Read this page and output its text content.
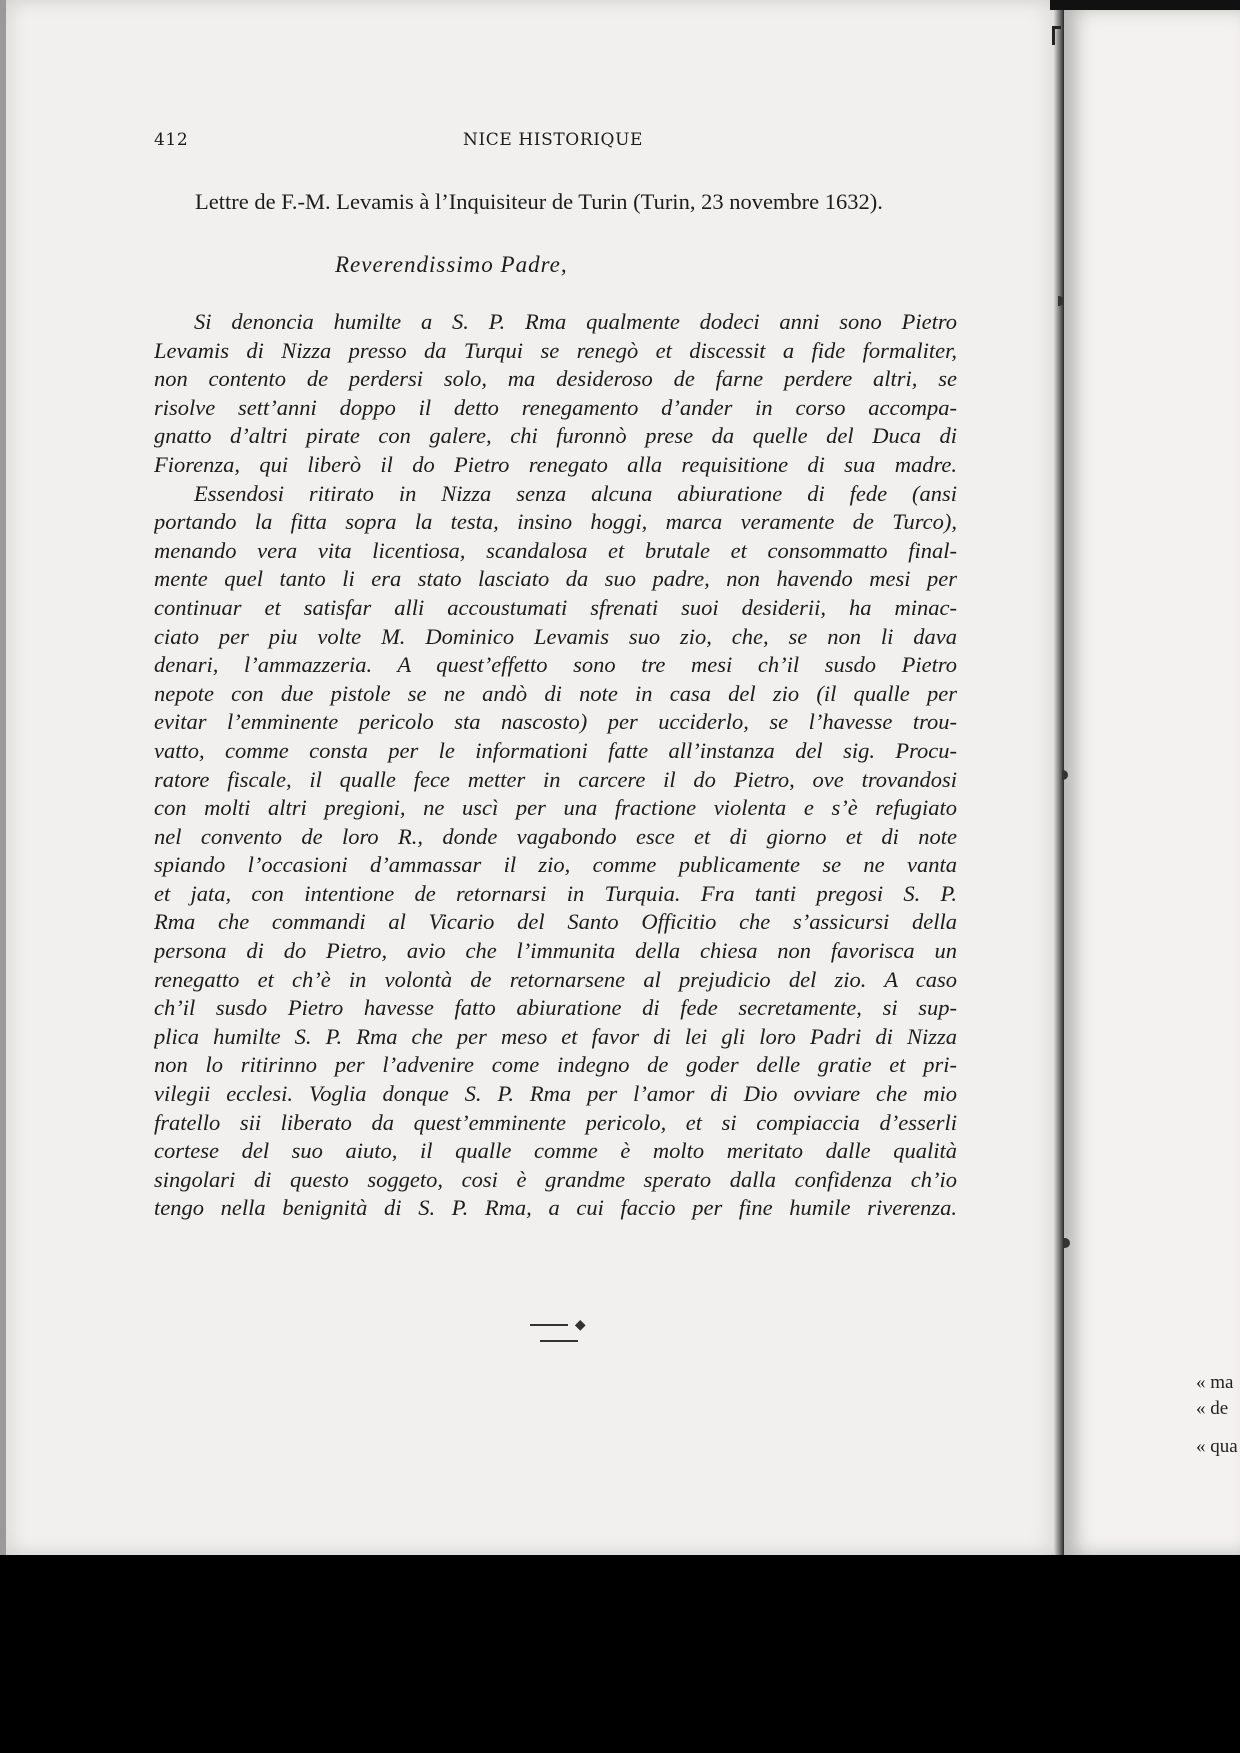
412	NICE HISTORIQUE
Lettre de F.-M. Levamis à l’Inquisiteur de Turin (Turin, 23 novembre 1632).
Reverendissimo Padre,
Si denoncia humilte a S. P. Rma qualmente dodeci anni sono Pietro
Levamis di Nizza presso da Turqui se renegò et discessit a fide formaliter,
non contento de perdersi solo, ma desideroso de farne perdere altri, se
risolve sett’anni doppo il detto renegamento d’ander in corso accompa-
gnatto d’altri pirate con galere, chi furonnò prese da quelle del Duca di
Fiorenza, qui liberò il do Pietro renegato alla requisitione di sua madre.
Essendosi ritirato in Nizza senza alcuna abiuratione di fede (ansi
portando la fitta sopra la testa, insino hoggi, marca veramente de Turco),
menando vera vita licentiosa, scandalosa et brutale et consommatto final-
mente quel tanto li era stato lasciato da suo padre, non havendo mesi per
continuar et satisfar alli accoustumati sfrenati suoi desiderii, ha minac-
ciato per piu volte M. Dominico Levamis suo zio, che, se non li dava
denari, l’ammazzeria. A quest’effetto sono tre mesi ch’il susdo Pietro
nepote con due pistole se ne andò di note in casa del zio (il qualle per
evitar l’emminente pericolo sta nascosto) per ucciderlo, se l’havesse trou-
vatto, comme consta per le informationi fatte all’instanza del sig. Procu-
ratore fiscale, il qualle fece metter in carcere il do Pietro, ove trovandosi
con molti altri pregioni, ne uscì per una fractione violenta e s’è refugiato
nel convento de loro R., donde vagabondo esce et di giorno et di note
spiando l’occasioni d’ammassar il zio, comme publicamente se ne vanta
et jata, con intentione de retornarsi in Turquia. Fra tanti pregosi S. P.
Rma che commandi al Vicario del Santo Officitio che s’assicursi della
persona di do Pietro, avio che l’immunita della chiesa non favorisca un
renegatto et ch’è in volontà de retornarsene al prejudicio del zio. A caso
ch’il susdo Pietro havesse fatto abiuratione di fede secretamente, si sup-
plica humilte S. P. Rma che per meso et favor di lei gli loro Padri di Nizza
non lo ritirinno per l’advenire come indegno de goder delle gratie et pri-
vilegii ecclesi. Voglia donque S. P. Rma per l’amor di Dio ovviare che mio
fratello sii liberato da quest’emminente pericolo, et si compiaccia d’esserli
cortese del suo aiuto, il qualle comme è molto meritato dalle qualità
singolari di questo soggeto, cosi è grandme sperato dalla confidenza ch’io
tengo nella benignità di S. P. Rma, a cui faccio per fine humile riverenza.
◆
« ma
« de
« qua
